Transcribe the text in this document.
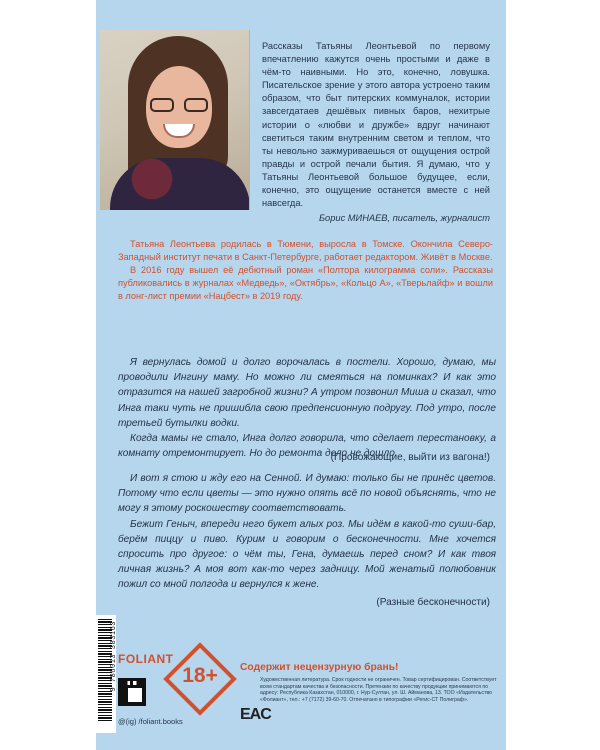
Рассказы Татьяны Леонтьевой по первому впечатлению кажутся очень простыми и даже в чём-то наивными. Но это, конечно, ловушка. Писательское зрение у этого автора устроено таким образом, что быт питерских коммуналок, истории завсегдатаев дешёвых пивных баров, нехитрые истории о «любви и дружбе» вдруг начинают светиться таким внутренним светом и теплом, что ты невольно зажмуриваешься от ощущения острой правды и острой печали бытия. Я думаю, что у Татьяны Леонтьевой большое будущее, если, конечно, это ощущение останется вместе с ней навсегда.

Борис МИНАЕВ, писатель, журналист

Татьяна Леонтьева родилась в Тюмени, выросла в Томске. Окончила Северо-Западный институт печати в Санкт-Петербурге, работает редактором. Живёт в Москве.

В 2016 году вышел её дебютный роман «Полтора килограмма соли». Рассказы публиковались в журналах «Медведь», «Октябрь», «Кольцо А», «Тверьлайф» и вошли в лонг-лист премии «Нацбест» в 2019 году.

Я вернулась домой и долго ворочалась в постели. Хорошо, думаю, мы проводили Ингину маму. Но можно ли смеяться на поминках? И как это отразится на нашей загробной жизни? А утром позвонил Миша и сказал, что Инга таки чуть не пришибла свою предпенсионную подругу. Под утро, после третьей бутылки водки.

Когда мамы не стало, Инга долго говорила, что сделает перестановку, а комнату отремонтирует. Но до ремонта дело не дошло.

(Провожающие, выйти из вагона!)

И вот я стою и жду его на Сенной. И думаю: только бы не принёс цветов. Потому что если цветы — это нужно опять всё по новой объяснять, что не могу я этому роскошеству соответствовать.

Бежит Геныч, впереди него букет алых роз. Мы идём в какой-то суши-бар, берём пиццу и пиво. Курим и говорим о бесконечности. Мне хочется спросить про другое: о чём ты, Гена, думаешь перед сном? И как твоя личная жизнь? А моя вот как-то через задницу. Мой женатый полюбовник пожил со мной полгода и вернулся к жене.

(Разные бесконечности)

9 786013 383163 FOLIANT
@(ig) /foliant.books
18+	Содержит нецензурную брань!
EAC
Художественная литература. Срок годности не ограничен. Товар сертифицирован. Соответствует всем стандартам качества и безопасности. Претензии по качеству продукции принимаются по адресу: Республика Казахстан, 010000, г. Нур-Султан, ул. Ш. Айманова, 13. ТОО «Издательство «Фолиант», тел.: +7 (7172) 39-60-70. Отпечатано в типографии «Регис-СТ Полиграф».
